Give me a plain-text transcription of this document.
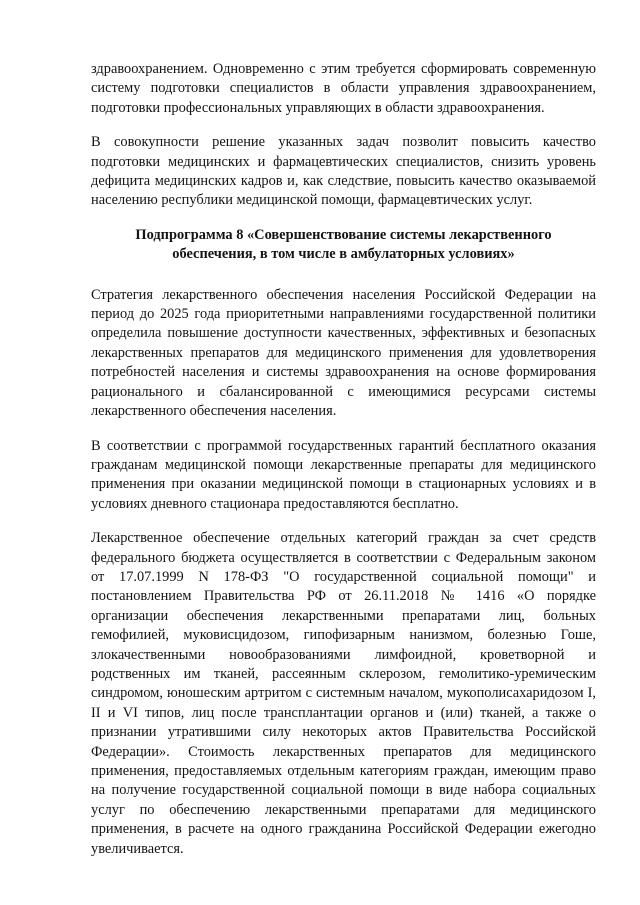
здравоохранением. Одновременно с этим требуется сформировать современную систему подготовки специалистов в области управления здравоохранением, подготовки профессиональных управляющих в области здравоохранения.

В совокупности решение указанных задач позволит повысить качество подготовки медицинских и фармацевтических специалистов, снизить уровень дефицита медицинских кадров и, как следствие, повысить качество оказываемой населению республики медицинской помощи, фармацевтических услуг.

Подпрограмма 8 «Совершенствование системы лекарственного
обеспечения, в том числе в амбулаторных условиях»

Стратегия лекарственного обеспечения населения Российской Федерации на период до 2025 года приоритетными направлениями государственной политики определила повышение доступности качественных, эффективных и безопасных лекарственных препаратов для медицинского применения для удовлетворения потребностей населения и системы здравоохранения на основе формирования рационального и сбалансированной с имеющимися ресурсами системы лекарственного обеспечения населения.

В соответствии с программой государственных гарантий бесплатного оказания гражданам медицинской помощи лекарственные препараты для медицинского применения при оказании медицинской помощи в стационарных условиях и в условиях дневного стационара предоставляются бесплатно.

Лекарственное обеспечение отдельных категорий граждан за счет средств федерального бюджета осуществляется в соответствии с Федеральным законом от 17.07.1999 N 178-ФЗ "О государственной социальной помощи" и постановлением Правительства РФ от 26.11.2018 № 1416 «О порядке организации обеспечения лекарственными препаратами лиц, больных гемофилией, муковисцидозом, гипофизарным нанизмом, болезнью Гоше, злокачественными новообразованиями лимфоидной, кроветворной и родственных им тканей, рассеянным склерозом, гемолитико-уремическим синдромом, юношеским артритом с системным началом, мукополисахаридозом I, II и VI типов, лиц после трансплантации органов и (или) тканей, а также о признании утратившими силу некоторых актов Правительства Российской Федерации». Стоимость лекарственных препаратов для медицинского применения, предоставляемых отдельным категориям граждан, имеющим право на получение государственной социальной помощи в виде набора социальных услуг по обеспечению лекарственными препаратами для медицинского применения, в расчете на одного гражданина Российской Федерации ежегодно увеличивается.
